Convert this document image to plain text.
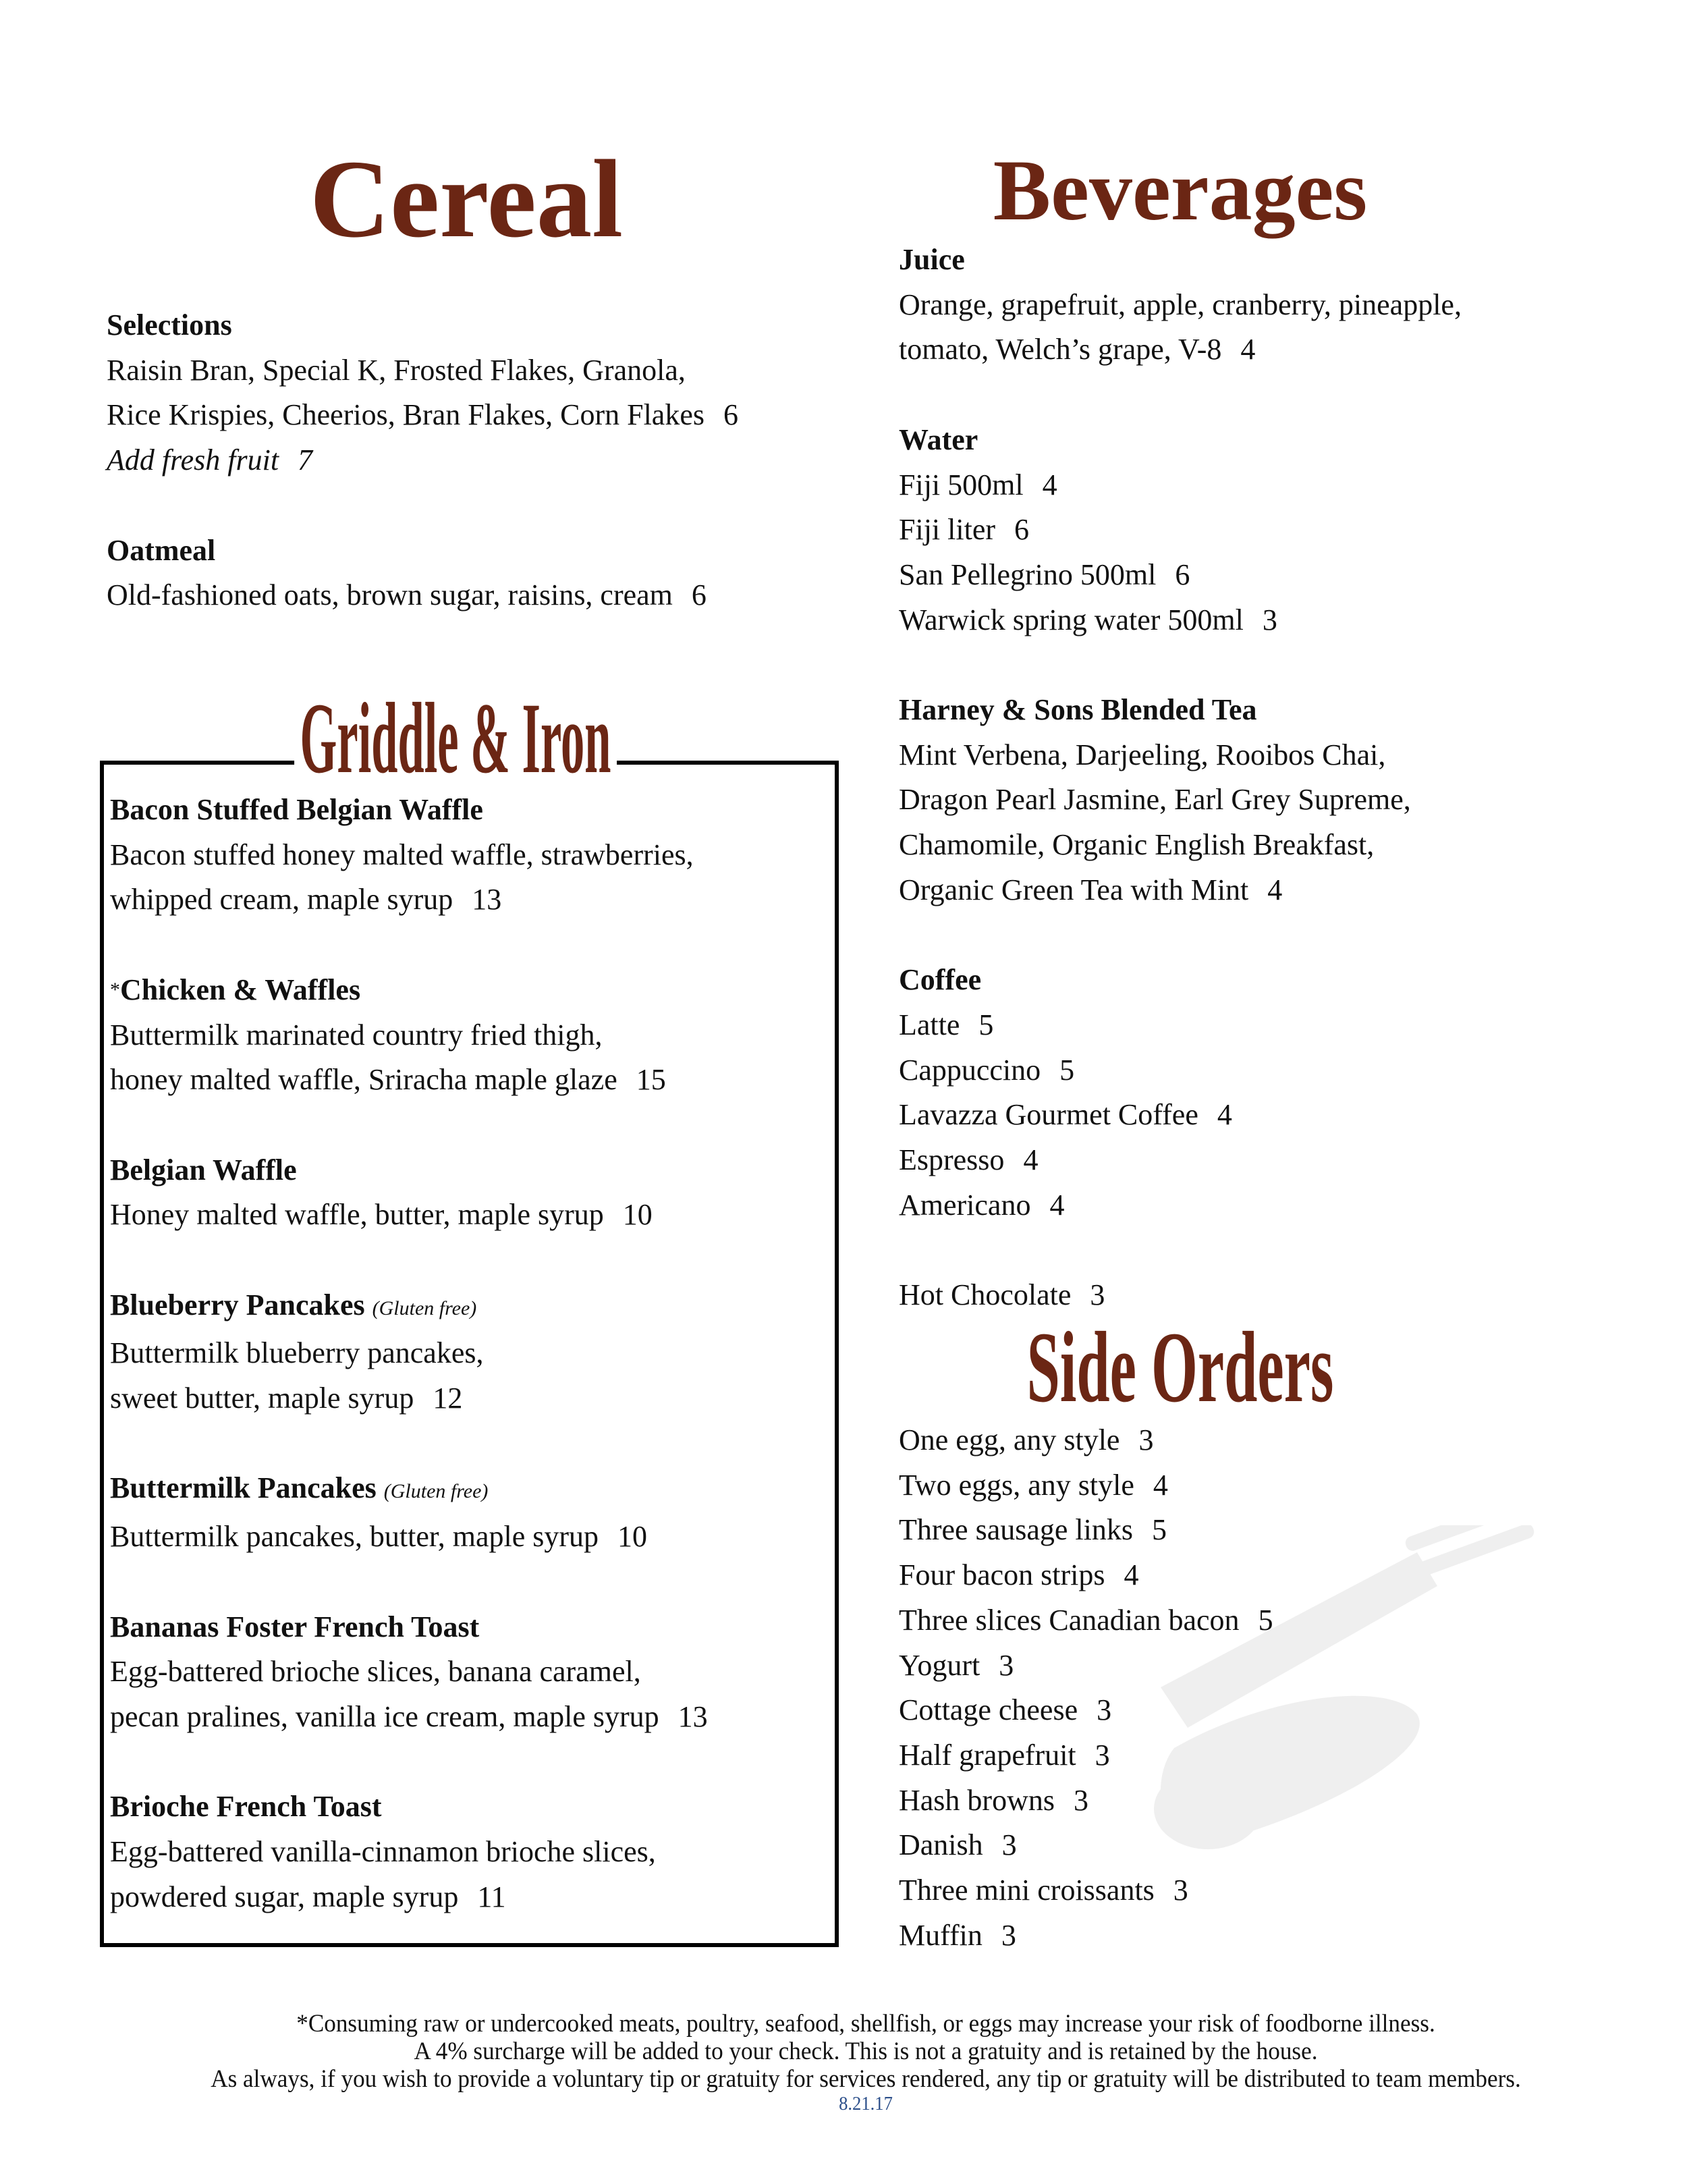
Cereal
Selections
Raisin Bran, Special K, Frosted Flakes, Granola,
Rice Krispies, Cheerios, Bran Flakes, Corn Flakes 6
Add fresh fruit 7
Oatmeal
Old-fashioned oats, brown sugar, raisins, cream 6
Griddle & Iron
Bacon Stuffed Belgian Waffle
Bacon stuffed honey malted waffle, strawberries,
whipped cream, maple syrup 13
*Chicken & Waffles
Buttermilk marinated country fried thigh,
honey malted waffle, Sriracha maple glaze 15
Belgian Waffle
Honey malted waffle, butter, maple syrup 10
Blueberry Pancakes (Gluten free)
Buttermilk blueberry pancakes,
sweet butter, maple syrup 12
Buttermilk Pancakes (Gluten free)
Buttermilk pancakes, butter, maple syrup 10
Bananas Foster French Toast
Egg-battered brioche slices, banana caramel,
pecan pralines, vanilla ice cream, maple syrup 13
Brioche French Toast
Egg-battered vanilla-cinnamon brioche slices,
powdered sugar, maple syrup 11
Beverages
Juice
Orange, grapefruit, apple, cranberry, pineapple,
tomato, Welch’s grape, V-8 4
Water
Fiji 500ml 4
Fiji liter 6
San Pellegrino 500ml 6
Warwick spring water 500ml 3
Harney & Sons Blended Tea
Mint Verbena, Darjeeling, Rooibos Chai,
Dragon Pearl Jasmine, Earl Grey Supreme,
Chamomile, Organic English Breakfast,
Organic Green Tea with Mint 4
Coffee
Latte 5
Cappuccino 5
Lavazza Gourmet Coffee 4
Espresso 4
Americano 4
Hot Chocolate 3
Side Orders
One egg, any style 3
Two eggs, any style 4
Three sausage links 5
Four bacon strips 4
Three slices Canadian bacon 5
Yogurt 3
Cottage cheese 3
Half grapefruit 3
Hash browns 3
Danish 3
Three mini croissants 3
Muffin 3
*Consuming raw or undercooked meats, poultry, seafood, shellfish, or eggs may increase your risk of foodborne illness.
A 4% surcharge will be added to your check. This is not a gratuity and is retained by the house.
As always, if you wish to provide a voluntary tip or gratuity for services rendered, any tip or gratuity will be distributed to team members.
8.21.17
